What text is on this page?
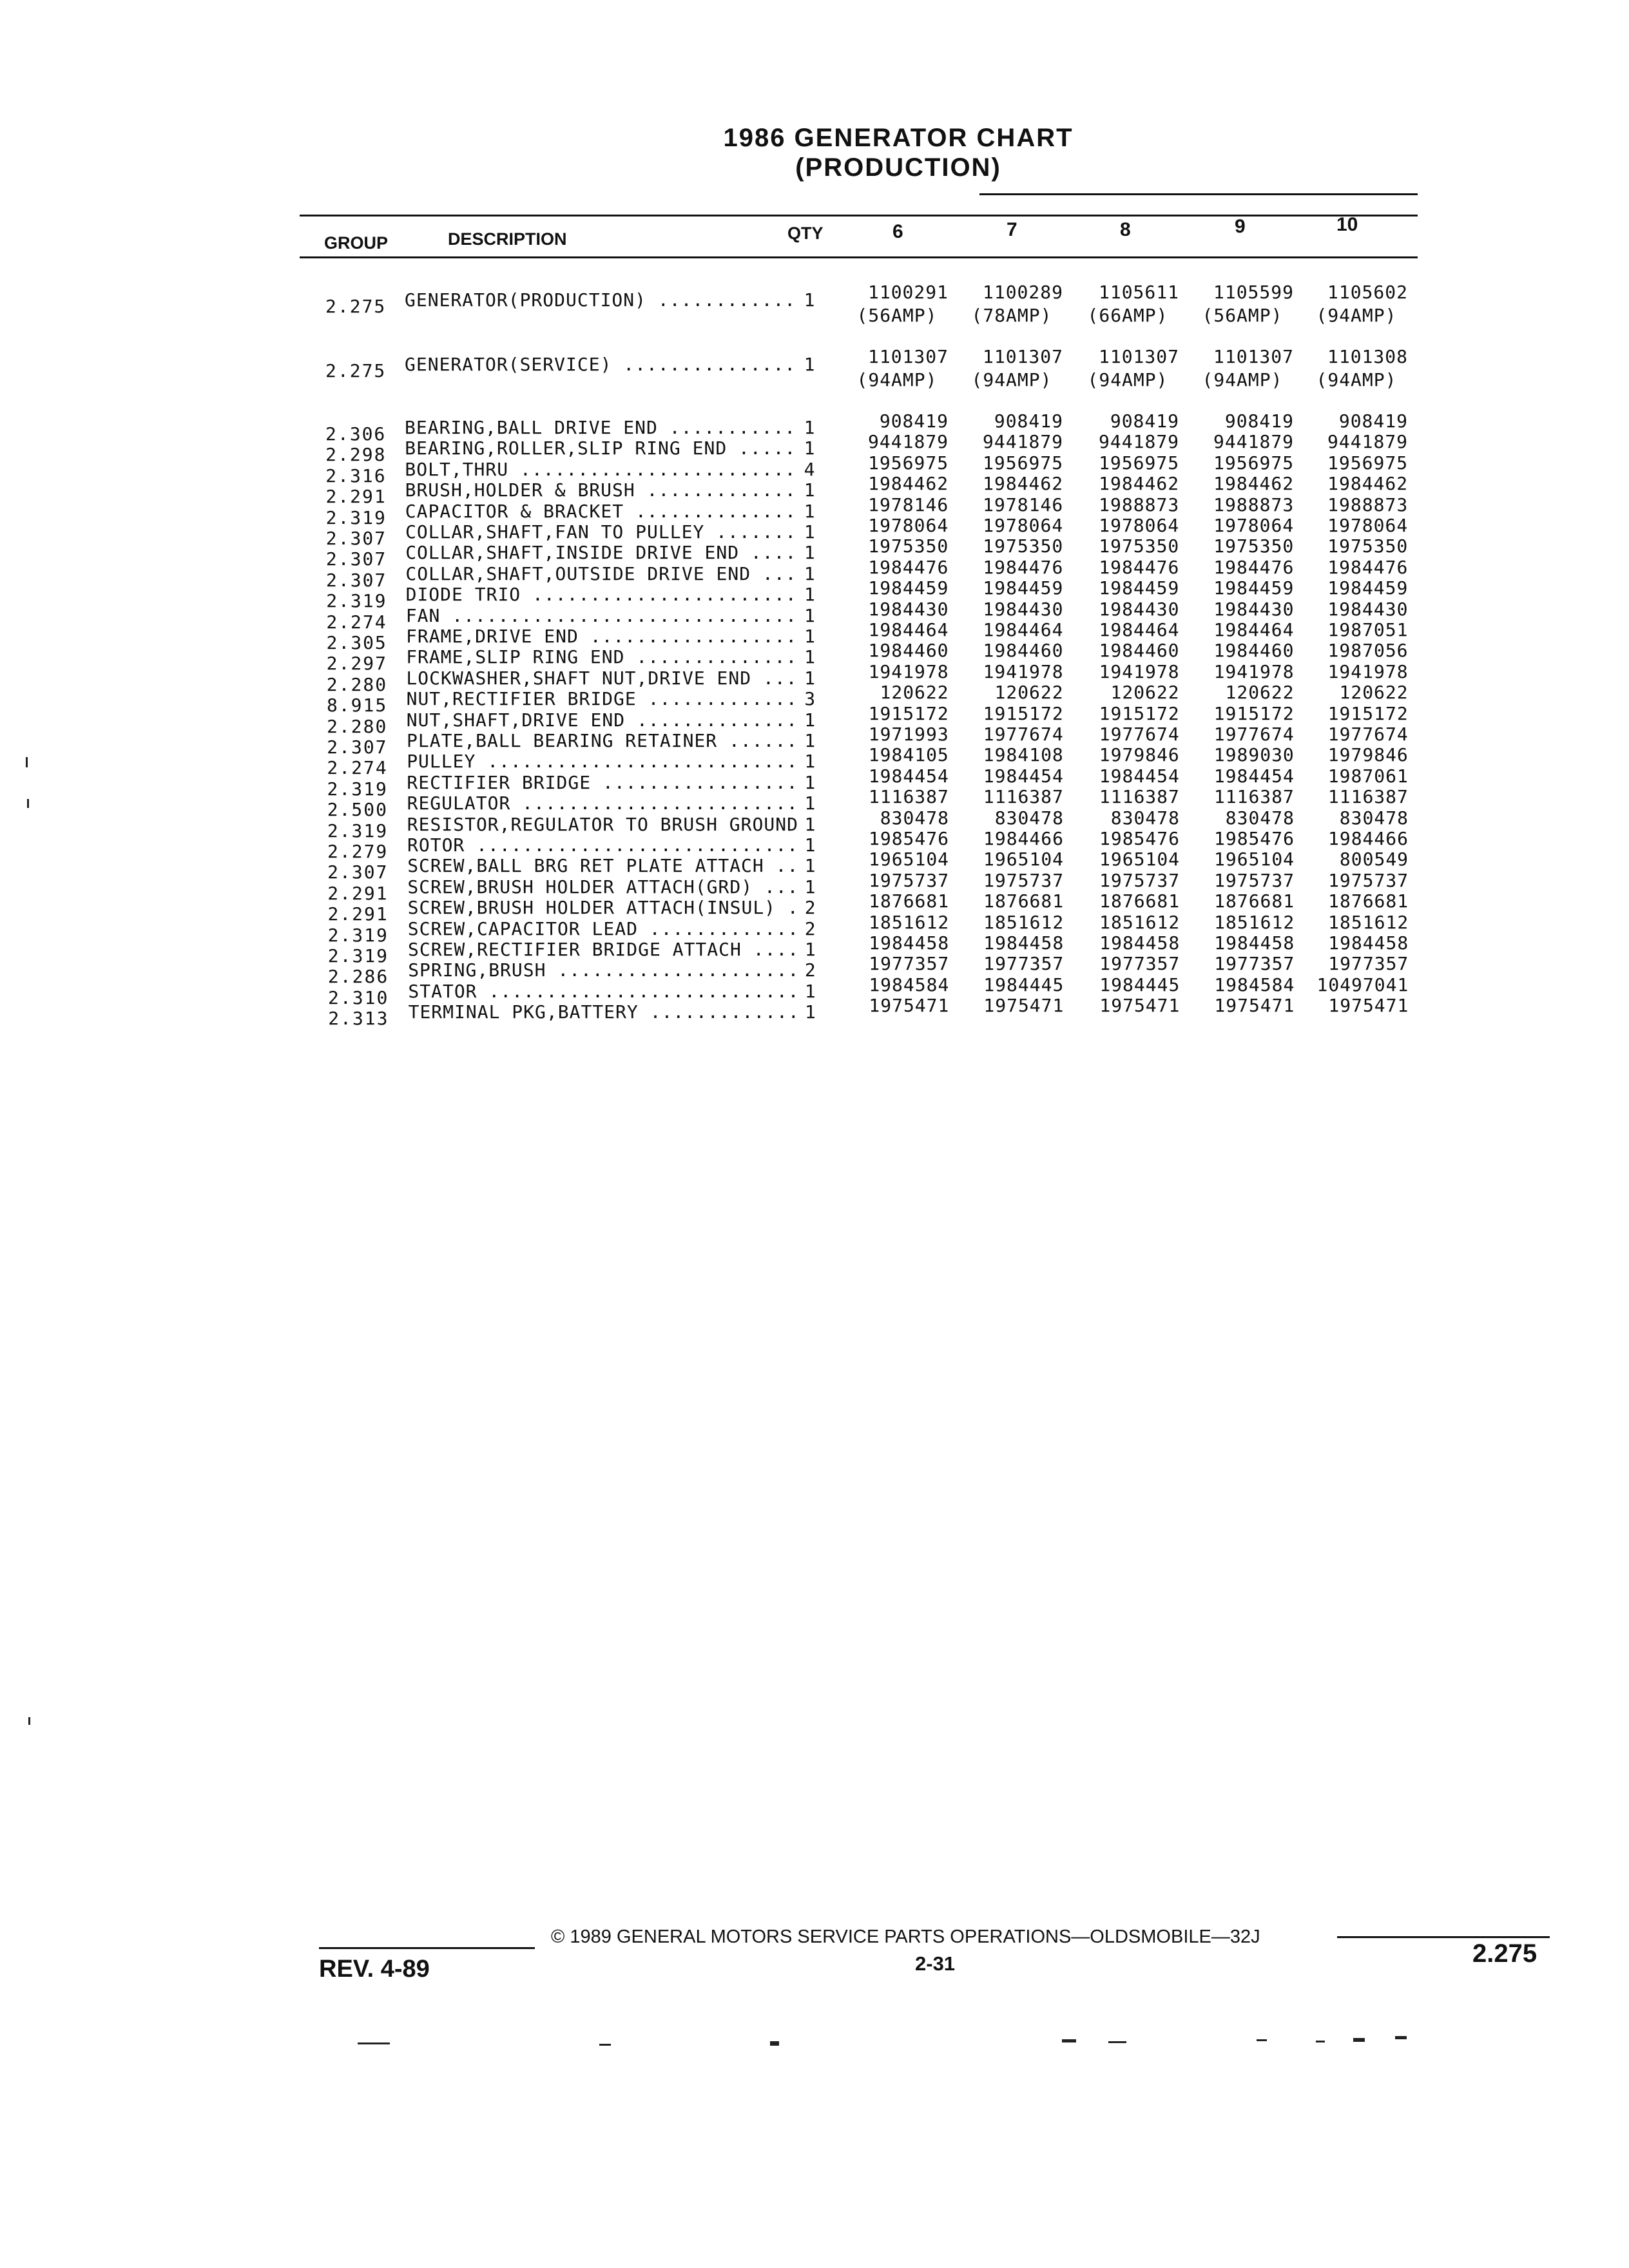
1986 GENERATOR CHART
(PRODUCTION)
GROUP	DESCRIPTION	QTY	6	7	8	9	10
2.275 GENERATOR(PRODUCTION) ............ 1	1100291	1100289	1105611	1105599	1105602
(56AMP)	(78AMP)	(66AMP)	(56AMP)	(94AMP)
2.275 GENERATOR(SERVICE) ............... 1	1101307	1101307	1101307	1101307	1101308
(94AMP)	(94AMP)	(94AMP)	(94AMP)	(94AMP)
2.306 BEARING,BALL DRIVE END ........... 1	908419	908419	908419	908419	908419
2.298 BEARING,ROLLER,SLIP RING END ..... 1	9441879	9441879	9441879	9441879	9441879
2.316 BOLT,THRU ........................ 4	1956975	1956975	1956975	1956975	1956975
2.291 BRUSH,HOLDER & BRUSH ............. 1	1984462	1984462	1984462	1984462	1984462
2.319 CAPACITOR & BRACKET .............. 1	1978146	1978146	1988873	1988873	1988873
2.307 COLLAR,SHAFT,FAN TO PULLEY ....... 1	1978064	1978064	1978064	1978064	1978064
2.307 COLLAR,SHAFT,INSIDE DRIVE END .... 1	1975350	1975350	1975350	1975350	1975350
2.307 COLLAR,SHAFT,OUTSIDE DRIVE END ... 1	1984476	1984476	1984476	1984476	1984476
2.319 DIODE TRIO ....................... 1	1984459	1984459	1984459	1984459	1984459
2.274 FAN .............................. 1	1984430	1984430	1984430	1984430	1984430
2.305 FRAME,DRIVE END .................. 1	1984464	1984464	1984464	1984464	1987051
2.297 FRAME,SLIP RING END .............. 1	1984460	1984460	1984460	1984460	1987056
2.280 LOCKWASHER,SHAFT NUT,DRIVE END ... 1	1941978	1941978	1941978	1941978	1941978
8.915 NUT,RECTIFIER BRIDGE ............. 3	120622	120622	120622	120622	120622
2.280 NUT,SHAFT,DRIVE END .............. 1	1915172	1915172	1915172	1915172	1915172
2.307 PLATE,BALL BEARING RETAINER ...... 1	1971993	1977674	1977674	1977674	1977674
2.274 PULLEY ........................... 1	1984105	1984108	1979846	1989030	1979846
2.319 RECTIFIER BRIDGE ................. 1	1984454	1984454	1984454	1984454	1987061
2.500 REGULATOR ........................ 1	1116387	1116387	1116387	1116387	1116387
2.319 RESISTOR,REGULATOR TO BRUSH GROUND 1	830478	830478	830478	830478	830478
2.279 ROTOR ............................ 1	1985476	1984466	1985476	1985476	1984466
2.307 SCREW,BALL BRG RET PLATE ATTACH .. 1	1965104	1965104	1965104	1965104	800549
2.291 SCREW,BRUSH HOLDER ATTACH(GRD) ... 1	1975737	1975737	1975737	1975737	1975737
2.291 SCREW,BRUSH HOLDER ATTACH(INSUL) . 2	1876681	1876681	1876681	1876681	1876681
2.319 SCREW,CAPACITOR LEAD ............. 2	1851612	1851612	1851612	1851612	1851612
2.319 SCREW,RECTIFIER BRIDGE ATTACH .... 1	1984458	1984458	1984458	1984458	1984458
2.286 SPRING,BRUSH ..................... 2	1977357	1977357	1977357	1977357	1977357
2.310 STATOR ........................... 1	1984584	1984445	1984445	1984584	10497041
2.313 TERMINAL PKG,BATTERY ............. 1	1975471	1975471	1975471	1975471	1975471
© 1989 GENERAL MOTORS SERVICE PARTS OPERATIONS—OLDSMOBILE—32J
REV. 4-89	2-31	2.275
